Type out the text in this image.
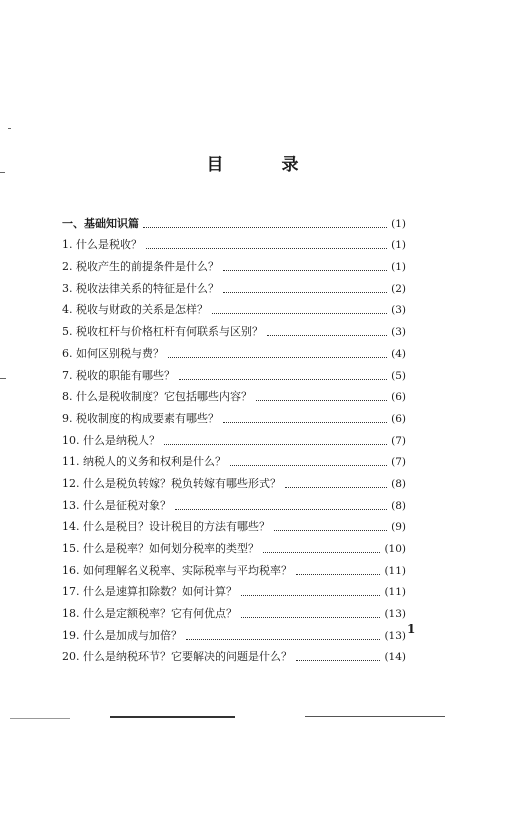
目 录
一、基础知识篇	(1)
1. 什么是税收？	(1)
2. 税收产生的前提条件是什么？	(1)
3. 税收法律关系的特征是什么？	(2)
4. 税收与财政的关系是怎样？	(3)
5. 税收杠杆与价格杠杆有何联系与区别？	(3)
6. 如何区别税与费？	(4)
7. 税收的职能有哪些？	(5)
8. 什么是税收制度？它包括哪些内容？	(6)
9. 税收制度的构成要素有哪些？	(6)
10. 什么是纳税人？	(7)
11. 纳税人的义务和权利是什么？	(7)
12. 什么是税负转嫁？税负转嫁有哪些形式？	(8)
13. 什么是征税对象？	(8)
14. 什么是税目？设计税目的方法有哪些？	(9)
15. 什么是税率？如何划分税率的类型？	(10)
16. 如何理解名义税率、实际税率与平均税率？	(11)
17. 什么是速算扣除数？如何计算？	(11)
18. 什么是定额税率？它有何优点？	(13)
19. 什么是加成与加倍？	(13)
20. 什么是纳税环节？它要解决的问题是什么？	(14)
1
